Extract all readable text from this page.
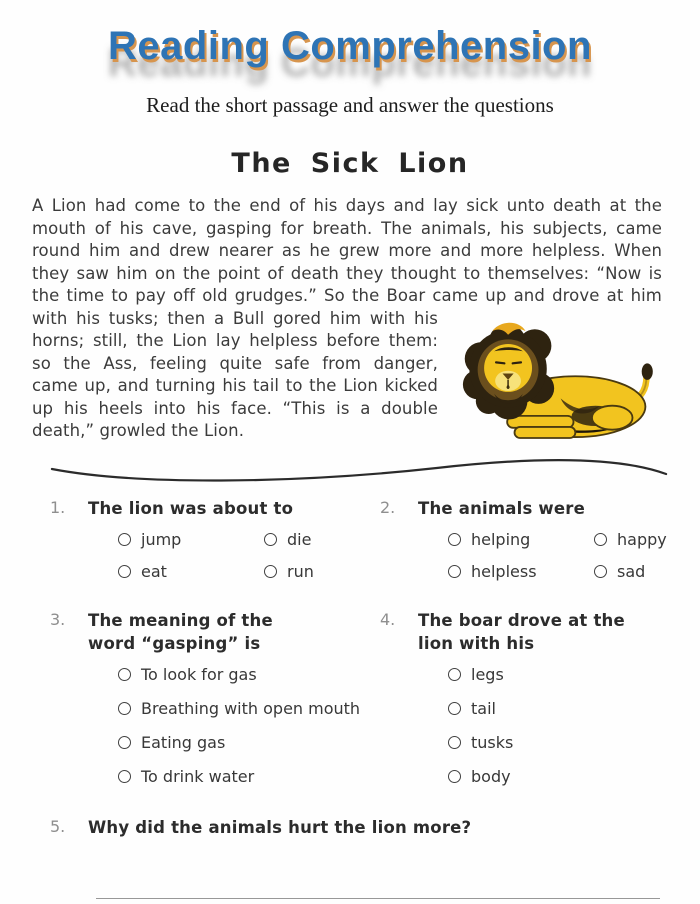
Reading Comprehension

Read the short passage and answer the questions

The Sick Lion
A Lion had come to the end of his days and lay sick unto death at the mouth of his cave, gasping for breath. The animals, his subjects, came round him and drew nearer as he grew more and more helpless. When they saw him on the point of death they thought to themselves: “Now is the time to pay off old grudges.” So the Boar came up and drove at him with his tusks; then a Bull gored him with his horns; still, the Lion lay helpless before them: so the Ass, feeling quite safe from danger, came up, and turning his tail to the Lion kicked up his heels into his face. “This is a double death,” growled the Lion.
1.	The lion was about to
jump	die
eat	run
2.	The animals were
helping	happy
helpless	sad
3.	The meaning of the word “gasping” is
To look for gas
Breathing with open mouth
Eating gas
To drink water
4.	The boar drove at the lion with his
legs
tail
tusks
body
5.	Why did the animals hurt the lion more?
